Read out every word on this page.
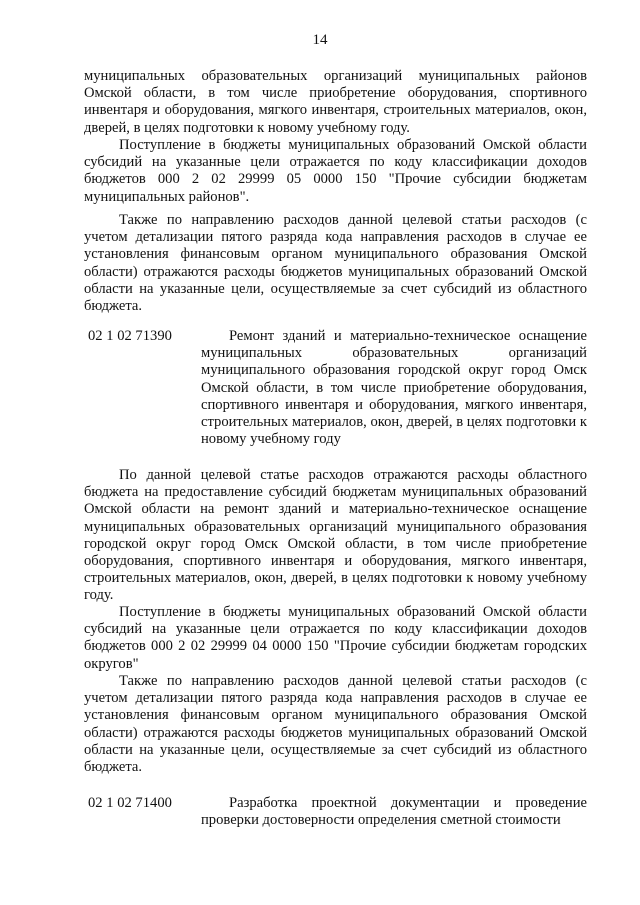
14

муниципальных образовательных организаций муниципальных районов Омской области, в том числе приобретение оборудования, спортивного инвентаря и оборудования, мягкого инвентаря, строительных материалов, окон, дверей, в целях подготовки к новому учебному году.

Поступление в бюджеты муниципальных образований Омской области субсидий на указанные цели отражается по коду классификации доходов бюджетов 000 2 02 29999 05 0000 150 "Прочие субсидии бюджетам муниципальных районов".

Также по направлению расходов данной целевой статьи расходов (с учетом детализации пятого разряда кода направления расходов в случае ее установления финансовым органом муниципального образования Омской области) отражаются расходы бюджетов муниципальных образований Омской области на указанные цели, осуществляемые за счет субсидий из областного бюджета.

02 1 02 71390	Ремонт зданий и материально-техническое оснащение муниципальных образовательных организаций муниципального образования городской округ город Омск Омской области, в том числе приобретение оборудования, спортивного инвентаря и оборудования, мягкого инвентаря, строительных материалов, окон, дверей, в целях подготовки к новому учебному году

По данной целевой статье расходов отражаются расходы областного бюджета на предоставление субсидий бюджетам муниципальных образований Омской области на ремонт зданий и материально-техническое оснащение муниципальных образовательных организаций муниципального образования городской округ город Омск Омской области, в том числе приобретение оборудования, спортивного инвентаря и оборудования, мягкого инвентаря, строительных материалов, окон, дверей, в целях подготовки к новому учебному году.

Поступление в бюджеты муниципальных образований Омской области субсидий на указанные цели отражается по коду классификации доходов бюджетов 000 2 02 29999 04 0000 150 "Прочие субсидии бюджетам городских округов"

Также по направлению расходов данной целевой статьи расходов (с учетом детализации пятого разряда кода направления расходов в случае ее установления финансовым органом муниципального образования Омской области) отражаются расходы бюджетов муниципальных образований Омской области на указанные цели, осуществляемые за счет субсидий из областного бюджета.

02 1 02 71400	Разработка проектной документации и проведение проверки достоверности определения сметной стоимости
